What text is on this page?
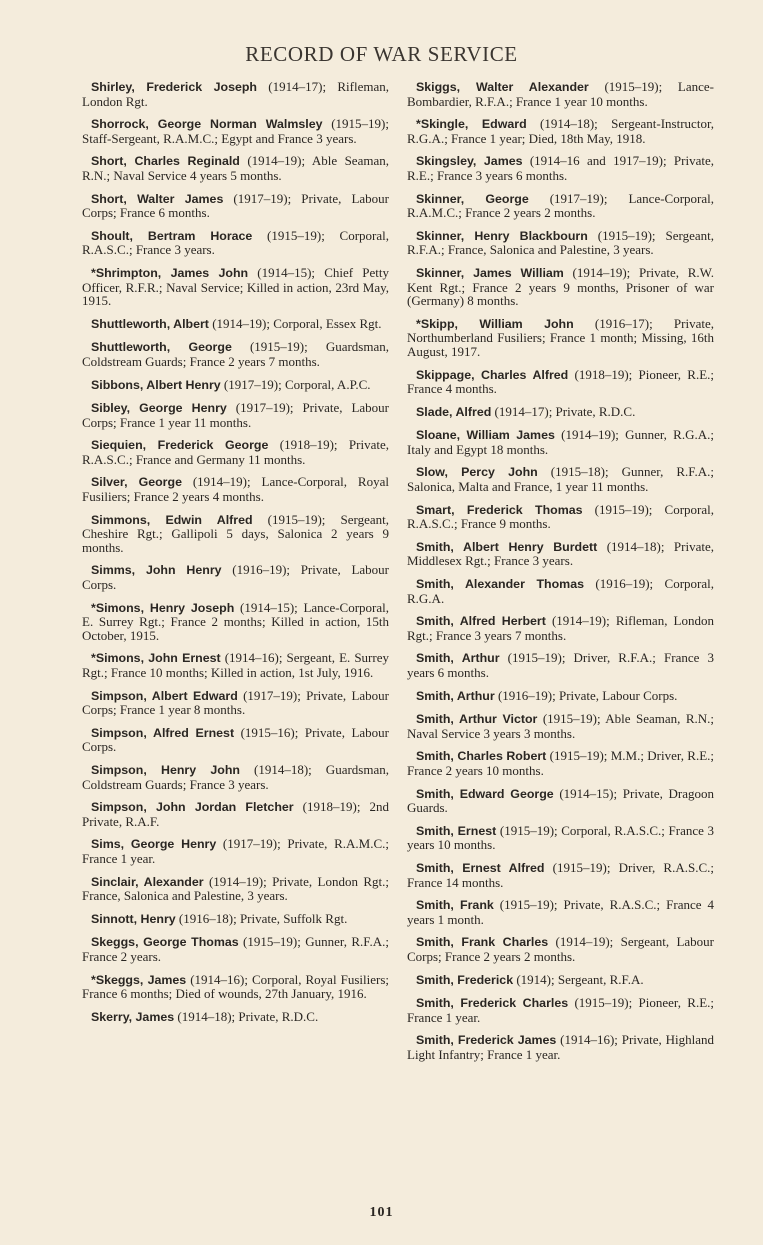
RECORD OF WAR SERVICE

Shirley, Frederick Joseph (1914–17); Rifleman, London Rgt.

Shorrock, George Norman Walmsley (1915–19); Staff-Sergeant, R.A.M.C.; Egypt and France 3 years.

Short, Charles Reginald (1914–19); Able Seaman, R.N.; Naval Service 4 years 5 months.

Short, Walter James (1917–19); Private, Labour Corps; France 6 months.

Shoult, Bertram Horace (1915–19); Corporal, R.A.S.C.; France 3 years.

*Shrimpton, James John (1914–15); Chief Petty Officer, R.F.R.; Naval Service; Killed in action, 23rd May, 1915.

Shuttleworth, Albert (1914–19); Corporal, Essex Rgt.

Shuttleworth, George (1915–19); Guardsman, Coldstream Guards; France 2 years 7 months.

Sibbons, Albert Henry (1917–19); Corporal, A.P.C.

Sibley, George Henry (1917–19); Private, Labour Corps; France 1 year 11 months.

Siequien, Frederick George (1918–19); Private, R.A.S.C.; France and Germany 11 months.

Silver, George (1914–19); Lance-Corporal, Royal Fusiliers; France 2 years 4 months.

Simmons, Edwin Alfred (1915–19); Sergeant, Cheshire Rgt.; Gallipoli 5 days, Salonica 2 years 9 months.

Simms, John Henry (1916–19); Private, Labour Corps.

*Simons, Henry Joseph (1914–15); Lance-Corporal, E. Surrey Rgt.; France 2 months; Killed in action, 15th October, 1915.

*Simons, John Ernest (1914–16); Sergeant, E. Surrey Rgt.; France 10 months; Killed in action, 1st July, 1916.

Simpson, Albert Edward (1917–19); Private, Labour Corps; France 1 year 8 months.

Simpson, Alfred Ernest (1915–16); Private, Labour Corps.

Simpson, Henry John (1914–18); Guardsman, Coldstream Guards; France 3 years.

Simpson, John Jordan Fletcher (1918–19); 2nd Private, R.A.F.

Sims, George Henry (1917–19); Private, R.A.M.C.; France 1 year.

Sinclair, Alexander (1914–19); Private, London Rgt.; France, Salonica and Palestine, 3 years.

Sinnott, Henry (1916–18); Private, Suffolk Rgt.

Skeggs, George Thomas (1915–19); Gunner, R.F.A.; France 2 years.

*Skeggs, James (1914–16); Corporal, Royal Fusiliers; France 6 months; Died of wounds, 27th January, 1916.

Skerry, James (1914–18); Private, R.D.C.

Skiggs, Walter Alexander (1915–19); Lance-Bombardier, R.F.A.; France 1 year 10 months.

*Skingle, Edward (1914–18); Sergeant-Instructor, R.G.A.; France 1 year; Died, 18th May, 1918.

Skingsley, James (1914–16 and 1917–19); Private, R.E.; France 3 years 6 months.

Skinner, George (1917–19); Lance-Corporal, R.A.M.C.; France 2 years 2 months.

Skinner, Henry Blackbourn (1915–19); Sergeant, R.F.A.; France, Salonica and Palestine, 3 years.

Skinner, James William (1914–19); Private, R.W. Kent Rgt.; France 2 years 9 months, Prisoner of war (Germany) 8 months.

*Skipp, William John (1916–17); Private, Northumberland Fusiliers; France 1 month; Missing, 16th August, 1917.

Skippage, Charles Alfred (1918–19); Pioneer, R.E.; France 4 months.

Slade, Alfred (1914–17); Private, R.D.C.

Sloane, William James (1914–19); Gunner, R.G.A.; Italy and Egypt 18 months.

Slow, Percy John (1915–18); Gunner, R.F.A.; Salonica, Malta and France, 1 year 11 months.

Smart, Frederick Thomas (1915–19); Corporal, R.A.S.C.; France 9 months.

Smith, Albert Henry Burdett (1914–18); Private, Middlesex Rgt.; France 3 years.

Smith, Alexander Thomas (1916–19); Corporal, R.G.A.

Smith, Alfred Herbert (1914–19); Rifleman, London Rgt.; France 3 years 7 months.

Smith, Arthur (1915–19); Driver, R.F.A.; France 3 years 6 months.

Smith, Arthur (1916–19); Private, Labour Corps.

Smith, Arthur Victor (1915–19); Able Seaman, R.N.; Naval Service 3 years 3 months.

Smith, Charles Robert (1915–19); M.M.; Driver, R.E.; France 2 years 10 months.

Smith, Edward George (1914–15); Private, Dragoon Guards.

Smith, Ernest (1915–19); Corporal, R.A.S.C.; France 3 years 10 months.

Smith, Ernest Alfred (1915–19); Driver, R.A.S.C.; France 14 months.

Smith, Frank (1915–19); Private, R.A.S.C.; France 4 years 1 month.

Smith, Frank Charles (1914–19); Sergeant, Labour Corps; France 2 years 2 months.

Smith, Frederick (1914); Sergeant, R.F.A.

Smith, Frederick Charles (1915–19); Pioneer, R.E.; France 1 year.

Smith, Frederick James (1914–16); Private, Highland Light Infantry; France 1 year.

101
